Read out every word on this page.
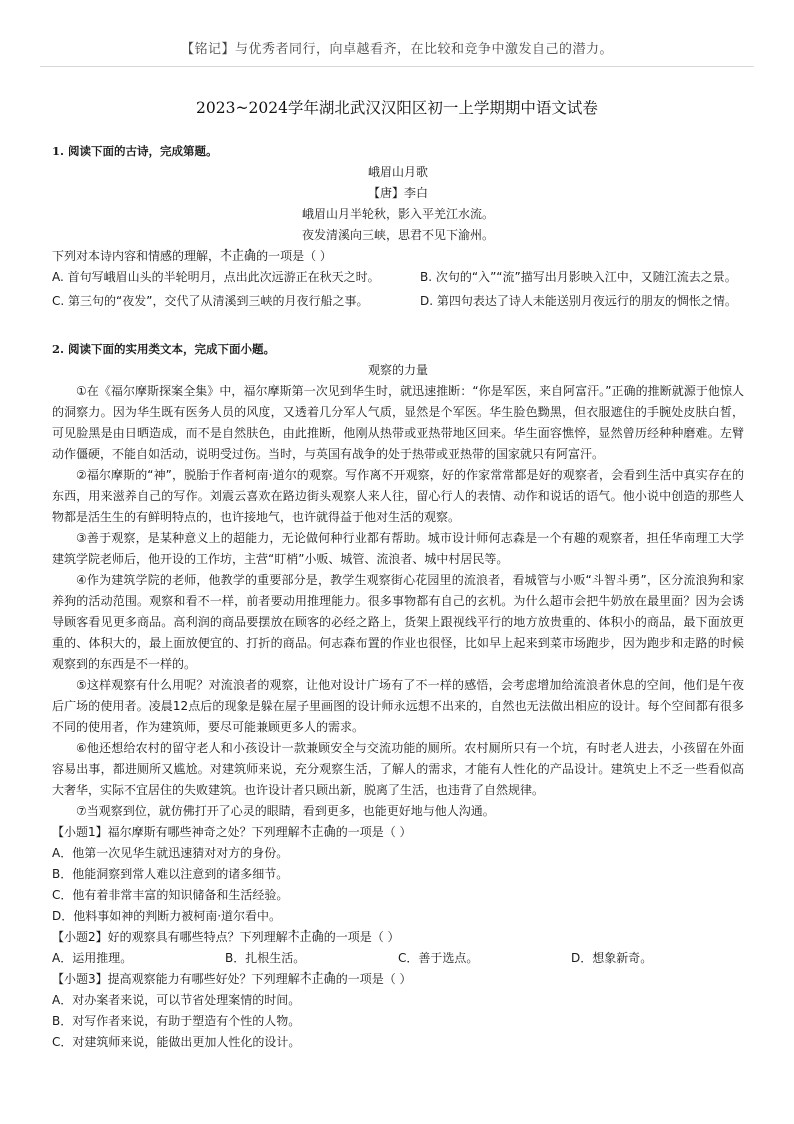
【铭记】与优秀者同行，向卓越看齐，在比较和竞争中激发自己的潜力。
2023~2024学年湖北武汉汉阳区初一上学期期中语文试卷
1. 阅读下面的古诗，完成第题。
峨眉山月歌
【唐】李白
峨眉山月半轮秋，影入平羌江水流。
夜发清溪向三峡，思君不见下渝州。
下列对本诗内容和情感的理解，不正确的一项是（ ）
A. 首句写峨眉山头的半轮明月，点出此次远游正在秋天之时。	B. 次句的“入”“流”描写出月影映入江中，又随江流去之景。
C. 第三句的“夜发”，交代了从清溪到三峡的月夜行船之事。	D. 第四句表达了诗人未能送别月夜远行的朋友的惆怅之情。
2. 阅读下面的实用类文本，完成下面小题。
观察的力量
①在《福尔摩斯探案全集》中，福尔摩斯第一次见到华生时，就迅速推断：“你是军医，来自阿富汗。”正确的推断就源于他惊人的洞察力。因为华生既有医务人员的风度，又透着几分军人气质，显然是个军医。华生脸色黝黑，但衣服遮住的手腕处皮肤白皙，可见脸黑是由日晒造成，而不是自然肤色，由此推断，他刚从热带或亚热带地区回来。华生面容憔悴，显然曾历经种种磨难。左臂动作僵硬，不能自如活动，说明受过伤。当时，与英国有战争的处于热带或亚热带的国家就只有阿富汗。
②福尔摩斯的“神”，脱胎于作者柯南·道尔的观察。写作离不开观察，好的作家常常都是好的观察者，会看到生活中真实存在的东西，用来滋养自己的写作。刘震云喜欢在路边街头观察人来人往，留心行人的表情、动作和说话的语气。他小说中创造的那些人物都是活生生的有鲜明特点的，也许接地气，也许就得益于他对生活的观察。
③善于观察，是某种意义上的超能力，无论做何种行业都有帮助。城市设计师何志森是一个有趣的观察者，担任华南理工大学建筑学院老师后，他开设的工作坊，主营“盯梢”小贩、城管、流浪者、城中村居民等。
④作为建筑学院的老师，他教学的重要部分是，教学生观察街心花园里的流浪者，看城管与小贩“斗智斗勇”，区分流浪狗和家养狗的活动范围。观察和看不一样，前者要动用推理能力。很多事物都有自己的玄机。为什么超市会把牛奶放在最里面？因为会诱导顾客看见更多商品。高利润的商品要摆放在顾客的必经之路上，货架上跟视线平行的地方放贵重的、体积小的商品，最下面放更重的、体积大的，最上面放便宜的、打折的商品。何志森布置的作业也很怪，比如早上起来到菜市场跑步，因为跑步和走路的时候观察到的东西是不一样的。
⑤这样观察有什么用呢？对流浪者的观察，让他对设计广场有了不一样的感悟，会考虑增加给流浪者休息的空间，他们是午夜后广场的使用者。凌晨12点后的现象是躲在屋子里画图的设计师永远想不出来的，自然也无法做出相应的设计。每个空间都有很多不同的使用者，作为建筑师，要尽可能兼顾更多人的需求。
⑥他还想给农村的留守老人和小孩设计一款兼顾安全与交流功能的厕所。农村厕所只有一个坑，有时老人进去，小孩留在外面容易出事，都进厕所又尴尬。对建筑师来说，充分观察生活，了解人的需求，才能有人性化的产品设计。建筑史上不乏一些看似高大奢华，实际不宜居住的失败建筑。也许设计者只顾出新，脱离了生活，也违背了自然规律。
⑦当观察到位，就仿佛打开了心灵的眼睛，看到更多，也能更好地与他人沟通。
【小题1】福尔摩斯有哪些神奇之处？下列理解不正确的一项是（ ）
A．他第一次见华生就迅速猜对对方的身份。
B．他能洞察到常人难以注意到的诸多细节。
C．他有着非常丰富的知识储备和生活经验。
D．他料事如神的判断力被柯南·道尔看中。
【小题2】好的观察具有哪些特点？下列理解不正确的一项是（ ）
A．运用推理。	B．扎根生活。	C．善于选点。	D．想象新奇。
【小题3】提高观察能力有哪些好处？下列理解不正确的一项是（ ）
A．对办案者来说，可以节省处理案情的时间。
B．对写作者来说，有助于塑造有个性的人物。
C．对建筑师来说，能做出更加人性化的设计。
